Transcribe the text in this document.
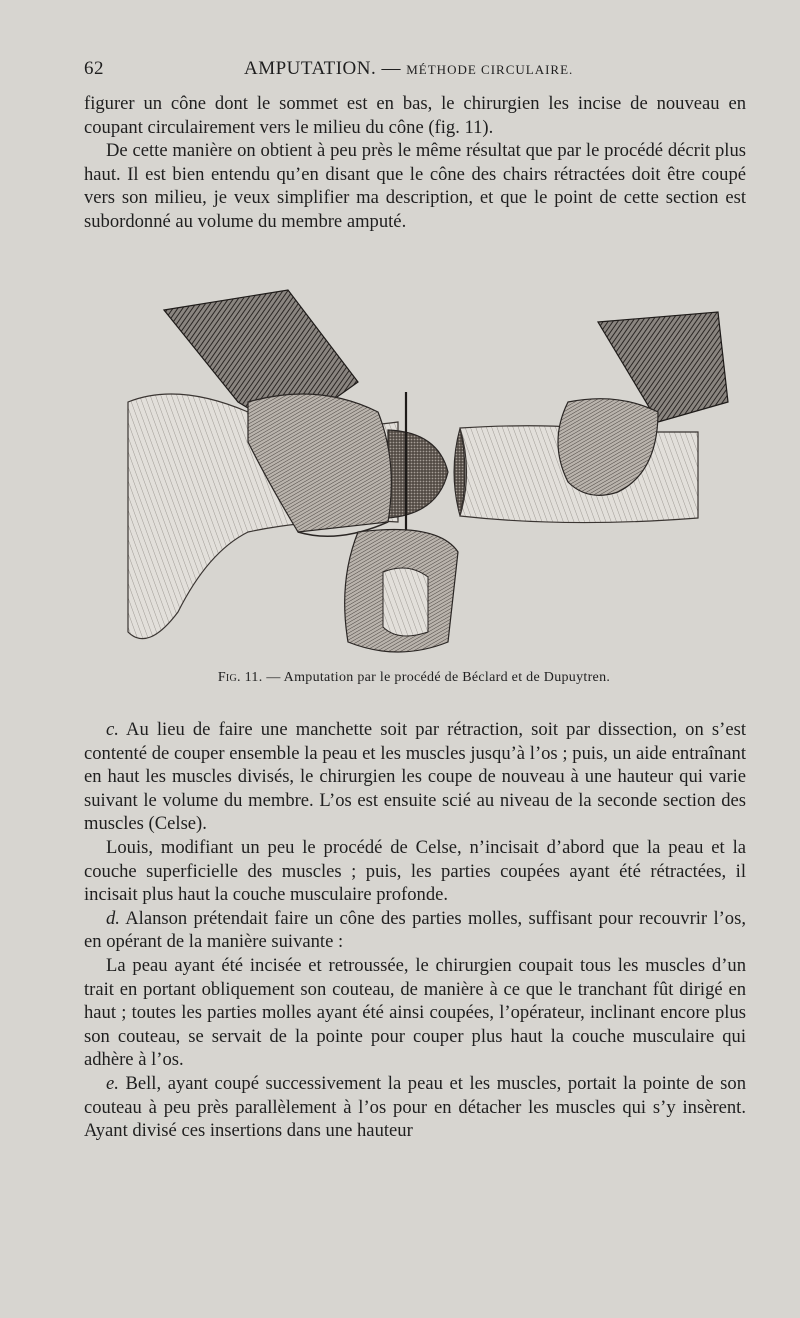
62	AMPUTATION. — MÉTHODE CIRCULAIRE.

figurer un cône dont le sommet est en bas, le chirurgien les incise de nouveau en coupant circulairement vers le milieu du cône (fig. 11).

De cette manière on obtient à peu près le même résultat que par le procédé décrit plus haut. Il est bien entendu qu’en disant que le cône des chairs rétractées doit être coupé vers son milieu, je veux simplifier ma description, et que le point de cette section est subordonné au volume du membre amputé.

Fig. 11. — Amputation par le procédé de Béclard et de Dupuytren.

c. Au lieu de faire une manchette soit par rétraction, soit par dissection, on s’est contenté de couper ensemble la peau et les muscles jusqu’à l’os ; puis, un aide entraînant en haut les muscles divisés, le chirurgien les coupe de nouveau à une hauteur qui varie suivant le volume du membre. L’os est ensuite scié au niveau de la seconde section des muscles (Celse).

Louis, modifiant un peu le procédé de Celse, n’incisait d’abord que la peau et la couche superficielle des muscles ; puis, les parties coupées ayant été rétractées, il incisait plus haut la couche musculaire profonde.

d. Alanson prétendait faire un cône des parties molles, suffisant pour recouvrir l’os, en opérant de la manière suivante :

La peau ayant été incisée et retroussée, le chirurgien coupait tous les muscles d’un trait en portant obliquement son couteau, de manière à ce que le tranchant fût dirigé en haut ; toutes les parties molles ayant été ainsi coupées, l’opérateur, inclinant encore plus son couteau, se servait de la pointe pour couper plus haut la couche musculaire qui adhère à l’os.

e. Bell, ayant coupé successivement la peau et les muscles, portait la pointe de son couteau à peu près parallèlement à l’os pour en détacher les muscles qui s’y insèrent. Ayant divisé ces insertions dans une hauteur
